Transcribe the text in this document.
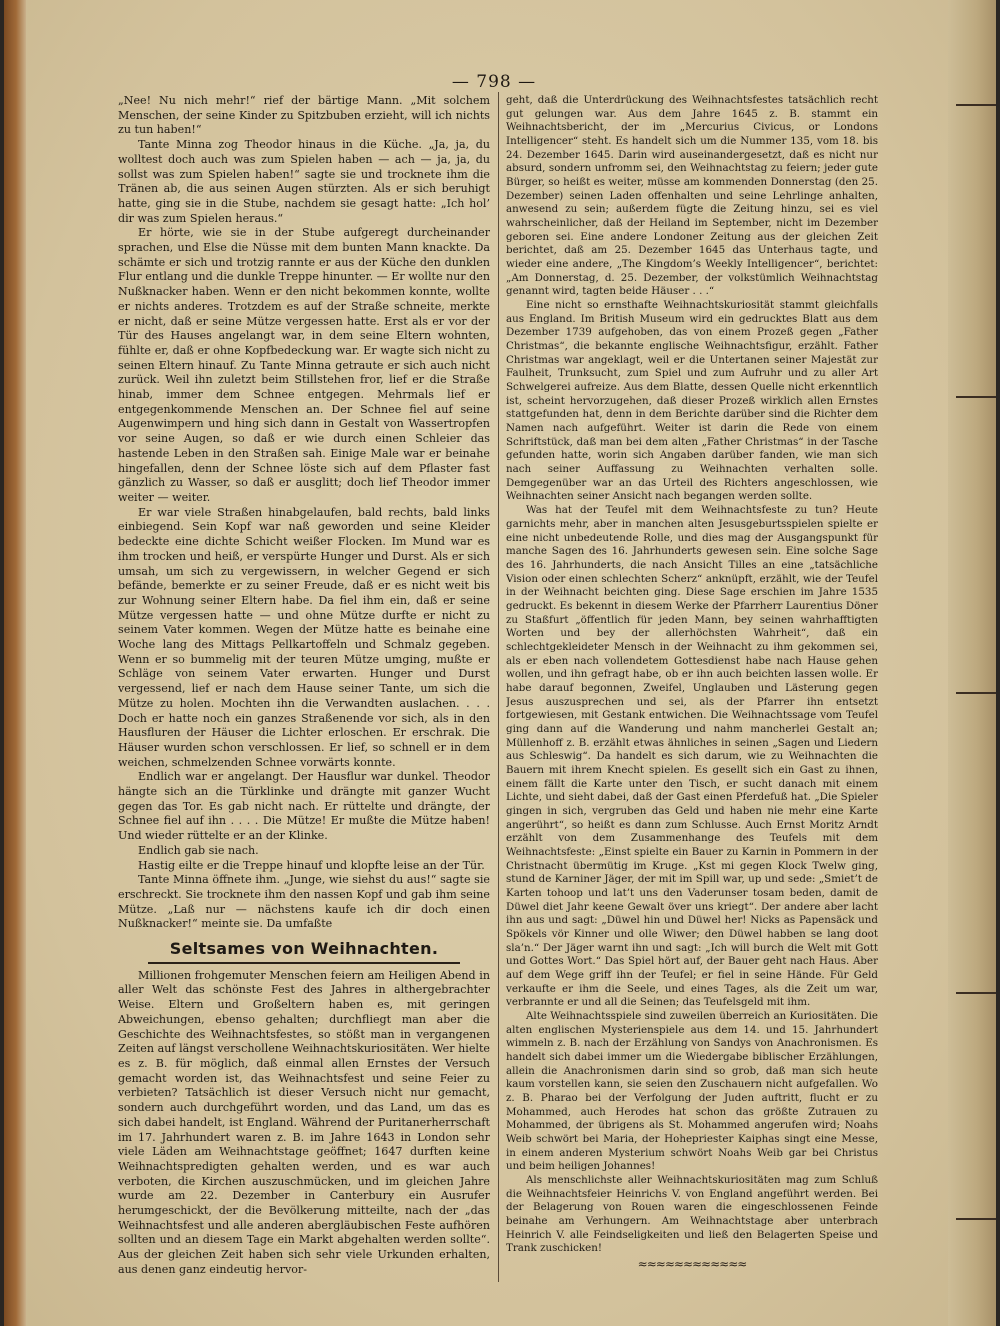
— 798 —

„Nee! Nu nich mehr!“ rief der bärtige Mann. „Mit solchem Menschen, der seine Kinder zu Spitzbuben erzieht, will ich nichts zu tun haben!“

Tante Minna zog Theodor hinaus in die Küche. „Ja, ja, du wolltest doch auch was zum Spielen haben — ach — ja, ja, du sollst was zum Spielen haben!“ sagte sie und trocknete ihm die Tränen ab, die aus seinen Augen stürzten. Als er sich beruhigt hatte, ging sie in die Stube, nachdem sie gesagt hatte: „Ich hol’ dir was zum Spielen heraus.“

Er hörte, wie sie in der Stube aufgeregt durcheinander sprachen, und Else die Nüsse mit dem bunten Mann knackte. Da schämte er sich und trotzig rannte er aus der Küche den dunklen Flur entlang und die dunkle Treppe hinunter. — Er wollte nur den Nußknacker haben. Wenn er den nicht bekommen konnte, wollte er nichts anderes. Trotzdem es auf der Straße schneite, merkte er nicht, daß er seine Mütze vergessen hatte. Erst als er vor der Tür des Hauses angelangt war, in dem seine Eltern wohnten, fühlte er, daß er ohne Kopfbedeckung war. Er wagte sich nicht zu seinen Eltern hinauf. Zu Tante Minna getraute er sich auch nicht zurück. Weil ihn zuletzt beim Stillstehen fror, lief er die Straße hinab, immer dem Schnee entgegen. Mehrmals lief er entgegenkommende Menschen an. Der Schnee fiel auf seine Augenwimpern und hing sich dann in Gestalt von Wassertropfen vor seine Augen, so daß er wie durch einen Schleier das hastende Leben in den Straßen sah. Einige Male war er beinahe hingefallen, denn der Schnee löste sich auf dem Pflaster fast gänzlich zu Wasser, so daß er ausglitt; doch lief Theodor immer weiter — weiter.

Er war viele Straßen hinabgelaufen, bald rechts, bald links einbiegend. Sein Kopf war naß geworden und seine Kleider bedeckte eine dichte Schicht weißer Flocken. Im Mund war es ihm trocken und heiß, er verspürte Hunger und Durst. Als er sich umsah, um sich zu vergewissern, in welcher Gegend er sich befände, bemerkte er zu seiner Freude, daß er es nicht weit bis zur Wohnung seiner Eltern habe. Da fiel ihm ein, daß er seine Mütze vergessen hatte — und ohne Mütze durfte er nicht zu seinem Vater kommen. Wegen der Mütze hatte es beinahe eine Woche lang des Mittags Pellkartoffeln und Schmalz gegeben. Wenn er so bummelig mit der teuren Mütze umging, mußte er Schläge von seinem Vater erwarten. Hunger und Durst vergessend, lief er nach dem Hause seiner Tante, um sich die Mütze zu holen. Mochten ihn die Verwandten auslachen. . . . Doch er hatte noch ein ganzes Straßenende vor sich, als in den Hausfluren der Häuser die Lichter erloschen. Er erschrak. Die Häuser wurden schon verschlossen. Er lief, so schnell er in dem weichen, schmelzenden Schnee vorwärts konnte.

Endlich war er angelangt. Der Hausflur war dunkel. Theodor hängte sich an die Türklinke und drängte mit ganzer Wucht gegen das Tor. Es gab nicht nach. Er rüttelte und drängte, der Schnee fiel auf ihn . . . . Die Mütze! Er mußte die Mütze haben! Und wieder rüttelte er an der Klinke.

Endlich gab sie nach.

Hastig eilte er die Treppe hinauf und klopfte leise an der Tür.

Tante Minna öffnete ihm. „Junge, wie siehst du aus!“ sagte sie erschreckt. Sie trocknete ihm den nassen Kopf und gab ihm seine Mütze. „Laß nur — nächstens kaufe ich dir doch einen Nußknacker!“ meinte sie. Da umfaßte

Seltsames von Weihnachten.

Millionen frohgemuter Menschen feiern am Heiligen Abend in aller Welt das schönste Fest des Jahres in althergebrachter Weise. Eltern und Großeltern haben es, mit geringen Abweichungen, ebenso gehalten; durchfliegt man aber die Geschichte des Weihnachtsfestes, so stößt man in vergangenen Zeiten auf längst verschollene Weihnachtskuriositäten. Wer hielte es z. B. für möglich, daß einmal allen Ernstes der Versuch gemacht worden ist, das Weihnachtsfest und seine Feier zu verbieten? Tatsächlich ist dieser Versuch nicht nur gemacht, sondern auch durchgeführt worden, und das Land, um das es sich dabei handelt, ist England. Während der Puritanerherrschaft im 17. Jahrhundert waren z. B. im Jahre 1643 in London sehr viele Läden am Weihnachtstage geöffnet; 1647 durften keine Weihnachtspredigten gehalten werden, und es war auch verboten, die Kirchen auszuschmücken, und im gleichen Jahre wurde am 22. Dezember in Canterbury ein Ausrufer herumgeschickt, der die Bevölkerung mitteilte, nach der „das Weihnachtsfest und alle anderen abergläubischen Feste aufhören sollten und an diesem Tage ein Markt abgehalten werden sollte“. Aus der gleichen Zeit haben sich sehr viele Urkunden erhalten, aus denen ganz eindeutig hervor-

geht, daß die Unterdrückung des Weihnachtsfestes tatsächlich recht gut gelungen war. Aus dem Jahre 1645 z. B. stammt ein Weihnachtsbericht, der im „Mercurius Civicus, or Londons Intelligencer“ steht. Es handelt sich um die Nummer 135, vom 18. bis 24. Dezember 1645. Darin wird auseinandergesetzt, daß es nicht nur absurd, sondern unfromm sei, den Weihnachtstag zu feiern; jeder gute Bürger, so heißt es weiter, müsse am kommenden Donnerstag (den 25. Dezember) seinen Laden offenhalten und seine Lehrlinge anhalten, anwesend zu sein; außerdem fügte die Zeitung hinzu, sei es viel wahrscheinlicher, daß der Heiland im September, nicht im Dezember geboren sei. Eine andere Londoner Zeitung aus der gleichen Zeit berichtet, daß am 25. Dezember 1645 das Unterhaus tagte, und wieder eine andere, „The Kingdom’s Weekly Intelligencer“, berichtet: „Am Donnerstag, d. 25. Dezember, der volkstümlich Weihnachtstag genannt wird, tagten beide Häuser . . .“

Eine nicht so ernsthafte Weihnachtskuriosität stammt gleichfalls aus England. Im British Museum wird ein gedrucktes Blatt aus dem Dezember 1739 aufgehoben, das von einem Prozeß gegen „Father Christmas“, die bekannte englische Weihnachtsfigur, erzählt. Father Christmas war angeklagt, weil er die Untertanen seiner Majestät zur Faulheit, Trunksucht, zum Spiel und zum Aufruhr und zu aller Art Schwelgerei aufreize. Aus dem Blatte, dessen Quelle nicht erkenntlich ist, scheint hervorzugehen, daß dieser Prozeß wirklich allen Ernstes stattgefunden hat, denn in dem Berichte darüber sind die Richter dem Namen nach aufgeführt. Weiter ist darin die Rede von einem Schriftstück, daß man bei dem alten „Father Christmas“ in der Tasche gefunden hatte, worin sich Angaben darüber fanden, wie man sich nach seiner Auffassung zu Weihnachten verhalten solle. Demgegenüber war an das Urteil des Richters angeschlossen, wie Weihnachten seiner Ansicht nach begangen werden sollte.

Was hat der Teufel mit dem Weihnachtsfeste zu tun? Heute garnichts mehr, aber in manchen alten Jesusgeburtsspielen spielte er eine nicht unbedeutende Rolle, und dies mag der Ausgangspunkt für manche Sagen des 16. Jahrhunderts gewesen sein. Eine solche Sage des 16. Jahrhunderts, die nach Ansicht Tilles an eine „tatsächliche Vision oder einen schlechten Scherz“ anknüpft, erzählt, wie der Teufel in der Weihnacht beichten ging. Diese Sage erschien im Jahre 1535 gedruckt. Es bekennt in diesem Werke der Pfarrherr Laurentius Döner zu Staßfurt „öffentlich für jeden Mann, bey seinen wahrhafftigten Worten und bey der allerhöchsten Wahrheit“, daß ein schlechtgekleideter Mensch in der Weihnacht zu ihm gekommen sei, als er eben nach vollendetem Gottesdienst habe nach Hause gehen wollen, und ihn gefragt habe, ob er ihn auch beichten lassen wolle. Er habe darauf begonnen, Zweifel, Unglauben und Lästerung gegen Jesus auszusprechen und sei, als der Pfarrer ihn entsetzt fortgewiesen, mit Gestank entwichen. Die Weihnachtssage vom Teufel ging dann auf die Wanderung und nahm mancherlei Gestalt an; Müllenhoff z. B. erzählt etwas ähnliches in seinen „Sagen und Liedern aus Schleswig“. Da handelt es sich darum, wie zu Weihnachten die Bauern mit ihrem Knecht spielen. Es gesellt sich ein Gast zu ihnen, einem fällt die Karte unter den Tisch, er sucht danach mit einem Lichte, und sieht dabei, daß der Gast einen Pferdefuß hat. „Die Spieler gingen in sich, vergruben das Geld und haben nie mehr eine Karte angerührt“, so heißt es dann zum Schlusse. Auch Ernst Moritz Arndt erzählt von dem Zusammenhange des Teufels mit dem Weihnachtsfeste: „Einst spielte ein Bauer zu Karnin in Pommern in der Christnacht übermütig im Kruge. „Kst mi gegen Klock Twelw ging, stund de Karniner Jäger, der mit im Spill war, up und sede: „Smiet’t de Karten tohoop und lat’t uns den Vaderunser tosam beden, damit de Düwel diet Jahr keene Gewalt över uns kriegt“. Der andere aber lacht ihn aus und sagt: „Düwel hin und Düwel her! Nicks as Papensäck und Spökels vör Kinner und olle Wiwer; den Düwel habben se lang doot sla’n.“ Der Jäger warnt ihn und sagt: „Ich will burch die Welt mit Gott und Gottes Wort.“ Das Spiel hört auf, der Bauer geht nach Haus. Aber auf dem Wege griff ihn der Teufel; er fiel in seine Hände. Für Geld verkaufte er ihm die Seele, und eines Tages, als die Zeit um war, verbrannte er und all die Seinen; das Teufelsgeld mit ihm.

Alte Weihnachtsspiele sind zuweilen überreich an Kuriositäten. Die alten englischen Mysterienspiele aus dem 14. und 15. Jahrhundert wimmeln z. B. nach der Erzählung von Sandys von Anachronismen. Es handelt sich dabei immer um die Wiedergabe biblischer Erzählungen, allein die Anachronismen darin sind so grob, daß man sich heute kaum vorstellen kann, sie seien den Zuschauern nicht aufgefallen. Wo z. B. Pharao bei der Verfolgung der Juden auftritt, flucht er zu Mohammed, auch Herodes hat schon das größte Zutrauen zu Mohammed, der übrigens als St. Mohammed angerufen wird; Noahs Weib schwört bei Maria, der Hohepriester Kaiphas singt eine Messe, in einem anderen Mysterium schwört Noahs Weib gar bei Christus und beim heiligen Johannes!

Als menschlichste aller Weihnachtskuriositäten mag zum Schluß die Weihnachtsfeier Heinrichs V. von England angeführt werden. Bei der Belagerung von Rouen waren die eingeschlossenen Feinde beinahe am Verhungern. Am Weihnachtstage aber unterbrach Heinrich V. alle Feindseligkeiten und ließ den Belagerten Speise und Trank zuschicken!

≈≈≈≈≈≈≈≈≈≈≈≈
